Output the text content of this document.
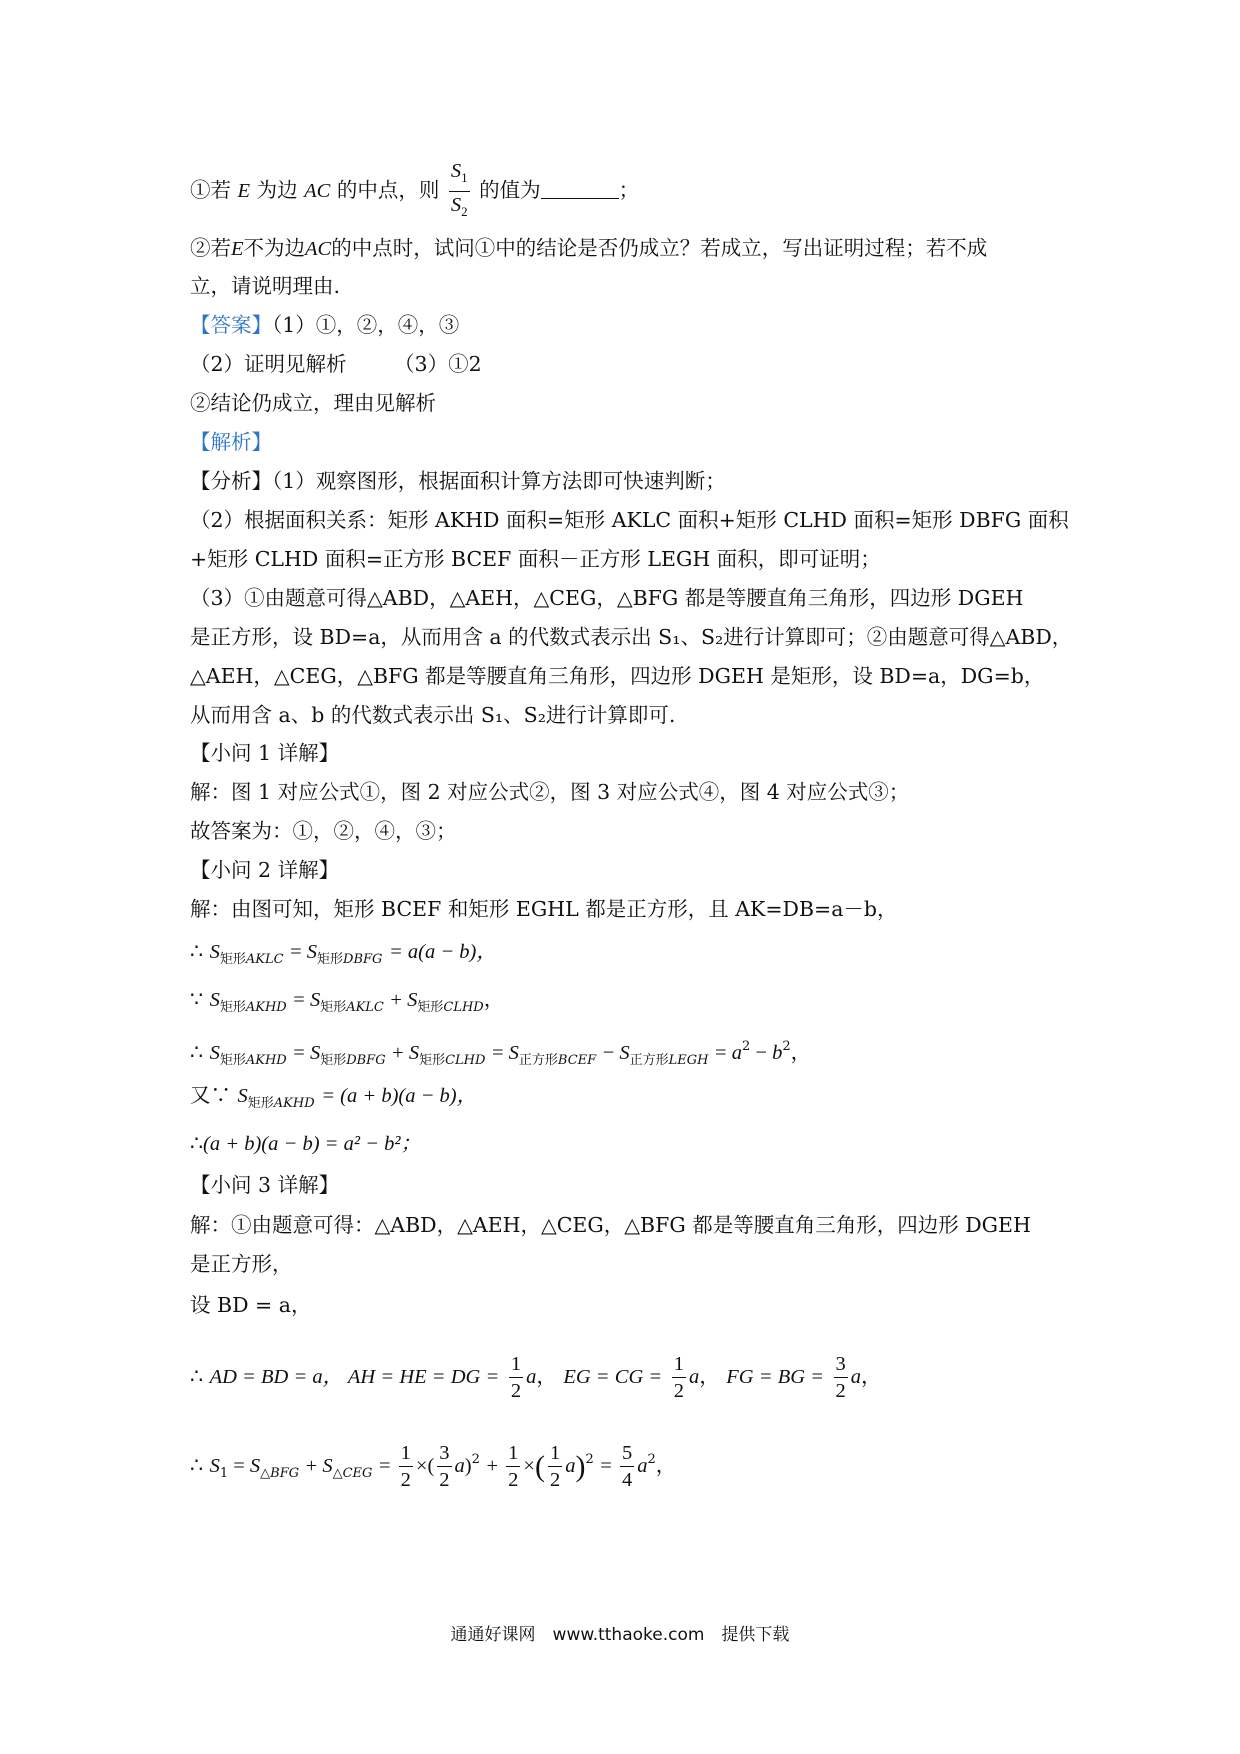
①若 E 为边 AC 的中点，则 $\frac{S_1}{S_2}$ 的值为	；
②若E不为边AC的中点时，试问①中的结论是否仍成立？若成立，写出证明过程；若不成
立，请说明理由.
【答案】（1）①，②，④，③
（2）证明见解析　　 （3）①2
②结论仍成立，理由见解析
【解析】
【分析】（1）观察图形，根据面积计算方法即可快速判断；
（2）根据面积关系：矩形 AKHD 面积=矩形 AKLC 面积+矩形 CLHD 面积=矩形 DBFG 面积
+矩形 CLHD 面积=正方形 BCEF 面积－正方形 LEGH 面积，即可证明；
（3）①由题意可得△ABD，△AEH，△CEG，△BFG 都是等腰直角三角形，四边形 DGEH
是正方形，设 BD=a，从而用含 a 的代数式表示出 S₁、S₂进行计算即可；②由题意可得△ABD，
△AEH，△CEG，△BFG 都是等腰直角三角形，四边形 DGEH 是矩形，设 BD=a，DG=b，
从而用含 a、b 的代数式表示出 S₁、S₂进行计算即可.
【小问 1 详解】
解：图 1 对应公式①，图 2 对应公式②，图 3 对应公式④，图 4 对应公式③；
故答案为：①，②，④，③；
【小问 2 详解】
解：由图可知，矩形 BCEF 和矩形 EGHL 都是正方形，且 AK=DB=a－b，
∴ $S_{矩形AKLC} = S_{矩形DBFG} = a(a - b)$，
∵ $S_{矩形AKHD} = S_{矩形AKLC} + S_{矩形CLHD}$，
∴ $S_{矩形AKHD} = S_{矩形DBFG} + S_{矩形CLHD} = S_{正方形BCEF} - S_{正方形LEGH} = a^2 - b^2$，
又∵ $S_{矩形AKHD} = (a + b)(a - b)$，
∴(a + b)(a − b) = a² − b²；
【小问 3 详解】
解：①由题意可得：△ABD，△AEH，△CEG，△BFG 都是等腰直角三角形，四边形 DGEH
是正方形，
设 BD = a，
∴ AD = BD = a， AH = HE = DG = $\frac{1}{2}$ a， EG = CG = $\frac{1}{2}$ a， FG = BG = $\frac{3}{2}$ a，
∴ $S_1 = S_{\triangle BFG} + S_{\triangle CEG} = \frac{1}{2}$ ×( $\frac{3}{2} a)^2 + \frac{1}{2}$ ×( $\frac{1}{2} a)^2 = \frac{5}{4} a^2$，
通通好课网　www.tthaoke.com　提供下载
